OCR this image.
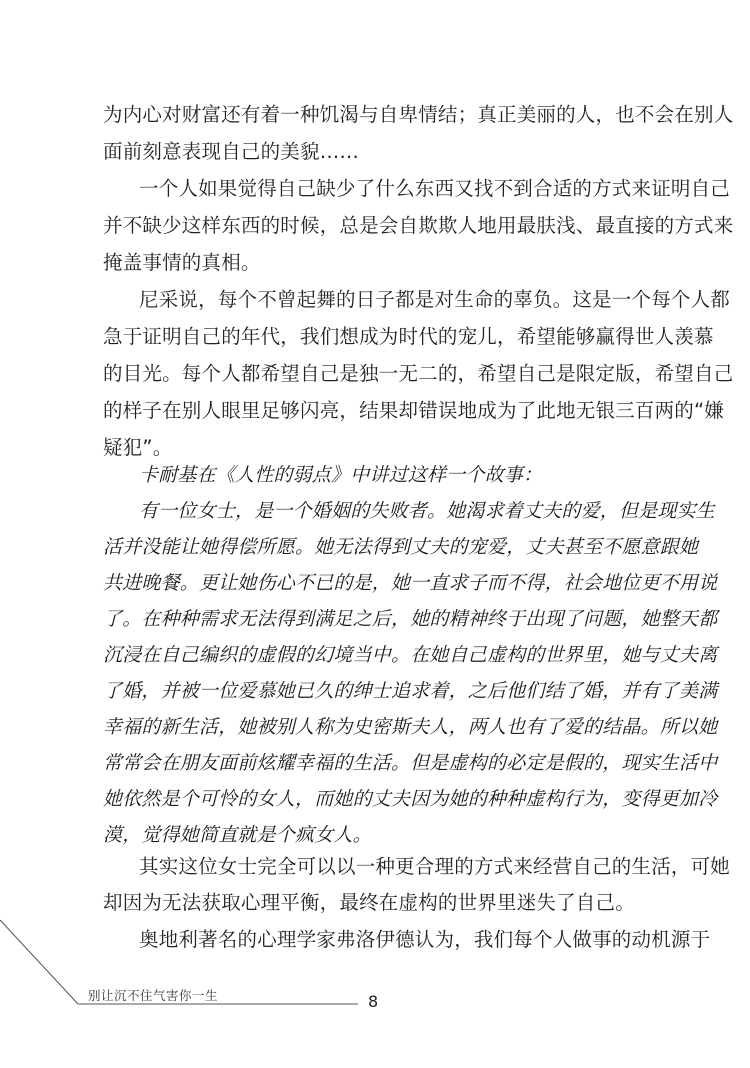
为内心对财富还有着一种饥渴与自卑情结；真正美丽的人，也不会在别人
面前刻意表现自己的美貌……
一个人如果觉得自己缺少了什么东西又找不到合适的方式来证明自己
并不缺少这样东西的时候，总是会自欺欺人地用最肤浅、最直接的方式来
掩盖事情的真相。
尼采说，每个不曾起舞的日子都是对生命的辜负。这是一个每个人都
急于证明自己的年代，我们想成为时代的宠儿，希望能够赢得世人羡慕
的目光。每个人都希望自己是独一无二的，希望自己是限定版，希望自己
的样子在别人眼里足够闪亮，结果却错误地成为了此地无银三百两的“嫌
疑犯”。
卡耐基在《人性的弱点》中讲过这样一个故事：
有一位女士，是一个婚姻的失败者。她渴求着丈夫的爱，但是现实生
活并没能让她得偿所愿。她无法得到丈夫的宠爱，丈夫甚至不愿意跟她
共进晚餐。更让她伤心不已的是，她一直求子而不得，社会地位更不用说
了。在种种需求无法得到满足之后，她的精神终于出现了问题，她整天都
沉浸在自己编织的虚假的幻境当中。在她自己虚构的世界里，她与丈夫离
了婚，并被一位爱慕她已久的绅士追求着，之后他们结了婚，并有了美满
幸福的新生活，她被别人称为史密斯夫人，两人也有了爱的结晶。所以她
常常会在朋友面前炫耀幸福的生活。但是虚构的必定是假的，现实生活中
她依然是个可怜的女人，而她的丈夫因为她的种种虚构行为，变得更加冷
漠，觉得她简直就是个疯女人。
其实这位女士完全可以以一种更合理的方式来经营自己的生活，可她
却因为无法获取心理平衡，最终在虚构的世界里迷失了自己。
奥地利著名的心理学家弗洛伊德认为，我们每个人做事的动机源于
别让沉不住气害你一生	8
